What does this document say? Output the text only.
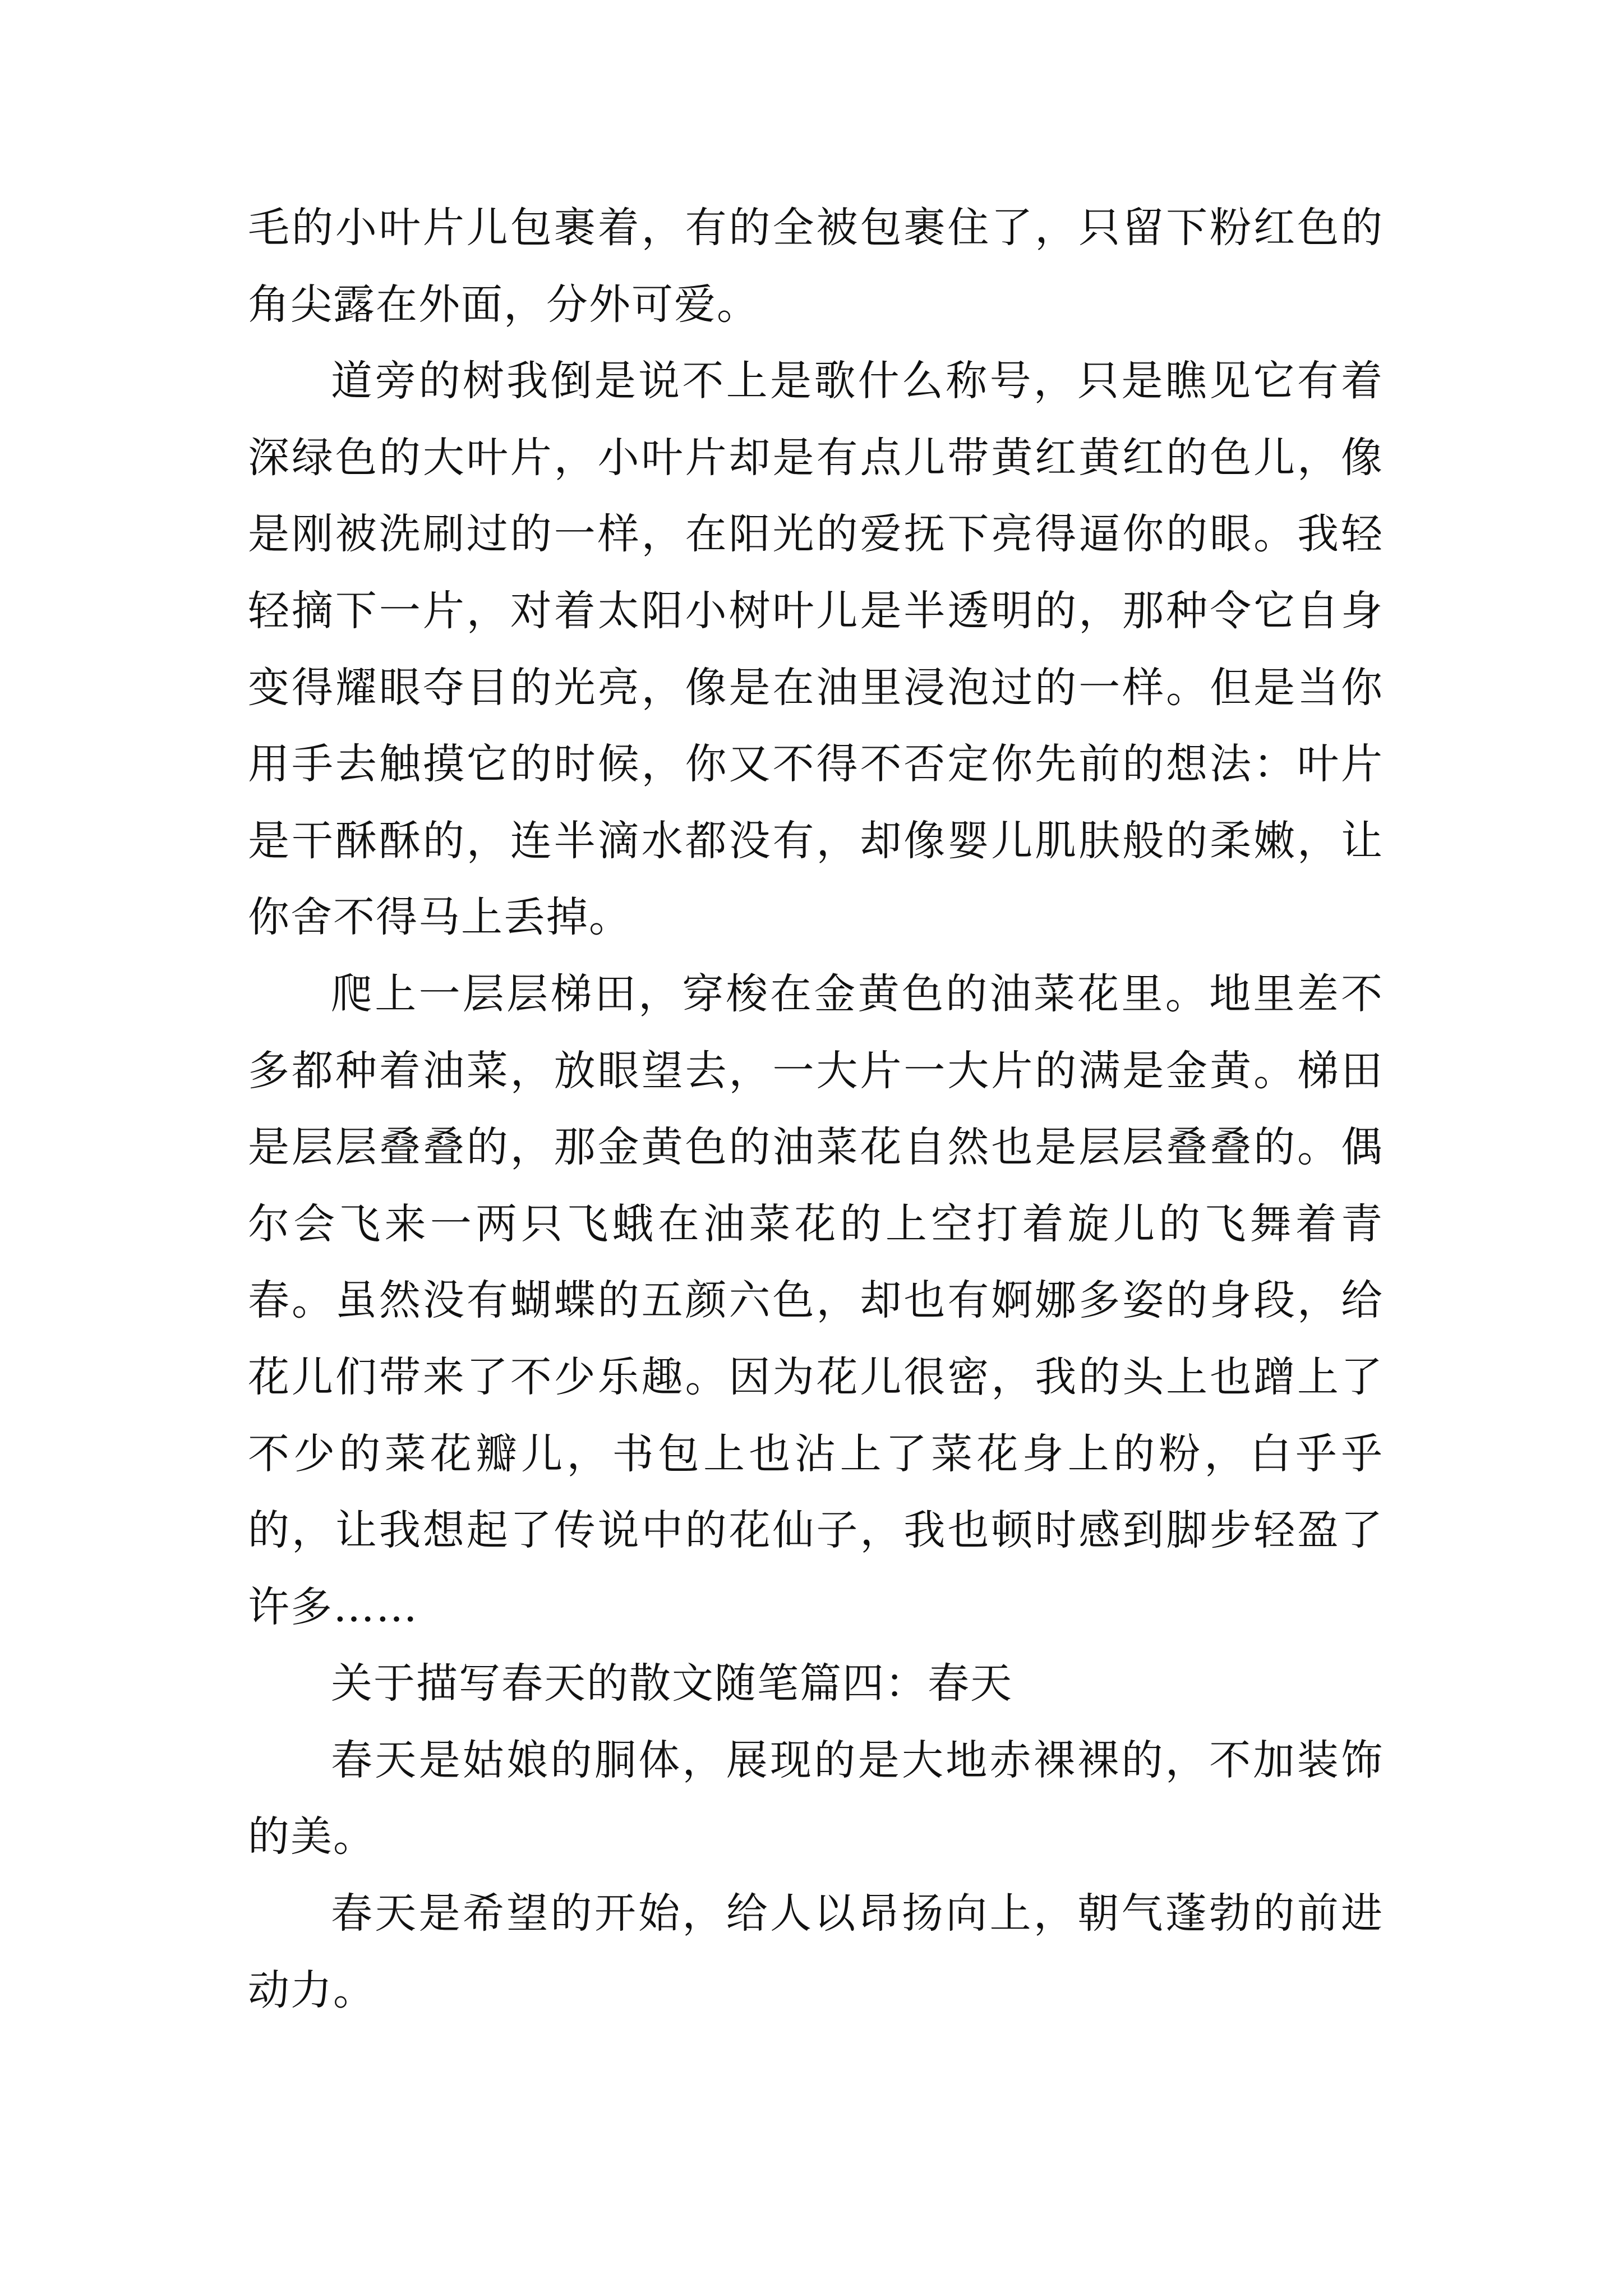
毛的小叶片儿包裹着，有的全被包裹住了，只留下粉红色的角尖露在外面，分外可爱。

道旁的树我倒是说不上是歌什么称号，只是瞧见它有着深绿色的大叶片，小叶片却是有点儿带黄红黄红的色儿，像是刚被洗刷过的一样，在阳光的爱抚下亮得逼你的眼。我轻轻摘下一片，对着太阳小树叶儿是半透明的，那种令它自身变得耀眼夺目的光亮，像是在油里浸泡过的一样。但是当你用手去触摸它的时候，你又不得不否定你先前的想法：叶片是干酥酥的，连半滴水都没有，却像婴儿肌肤般的柔嫩，让你舍不得马上丢掉。

爬上一层层梯田，穿梭在金黄色的油菜花里。地里差不多都种着油菜，放眼望去，一大片一大片的满是金黄。梯田是层层叠叠的，那金黄色的油菜花自然也是层层叠叠的。偶尔会飞来一两只飞蛾在油菜花的上空打着旋儿的飞舞着青春。虽然没有蝴蝶的五颜六色，却也有婀娜多姿的身段，给花儿们带来了不少乐趣。因为花儿很密，我的头上也蹭上了不少的菜花瓣儿，书包上也沾上了菜花身上的粉，白乎乎的，让我想起了传说中的花仙子，我也顿时感到脚步轻盈了许多……

关于描写春天的散文随笔篇四：春天

春天是姑娘的胴体，展现的是大地赤裸裸的，不加装饰的美。

春天是希望的开始，给人以昂扬向上，朝气蓬勃的前进动力。
